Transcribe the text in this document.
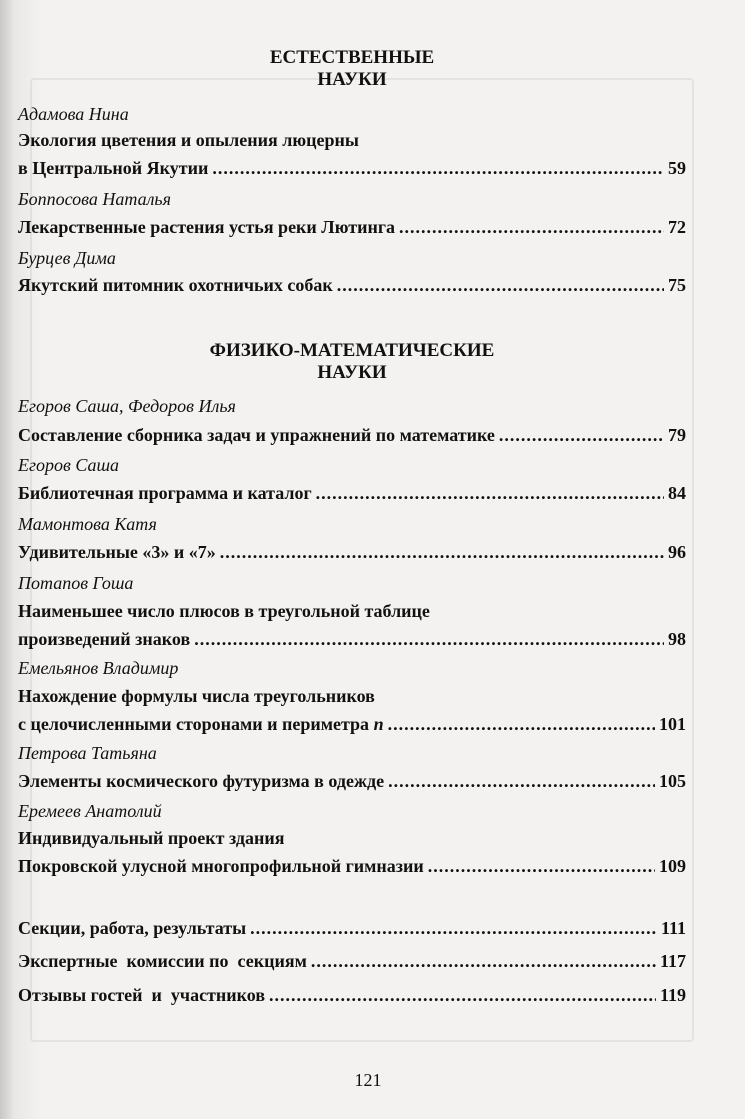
ЕСТЕСТВЕННЫЕ
НАУКИ
Адамова Нина
Экология цветения и опыления люцерны
в Центральной Якутии .....	59
Боппосова Наталья
Лекарственные растения устья реки Лютинга .....	72
Бурцев Дима
Якутский питомник охотничьих собак .....	75
ФИЗИКО-МАТЕМАТИЧЕСКИЕ
НАУКИ
Егоров Саша, Федоров Илья
Составление сборника задач и упражнений по математике .....	79
Егоров Саша
Библиотечная программа и каталог .....	84
Мамонтова Катя
Удивительные «3» и «7» .....	96
Потапов Гоша
Наименьшее число плюсов в треугольной таблице
произведений знаков .....	98
Емельянов Владимир
Нахождение формулы числа треугольников
с целочисленными сторонами и периметра n .....	101
Петрова Татьяна
Элементы космического футуризма в одежде .....	105
Еремеев Анатолий
Индивидуальный проект здания
Покровской улусной многопрофильной гимназии .....	109
Секции, работа, результаты .....	111
Экспертные  комиссии по  секциям .....	117
Отзывы гостей  и  участников .....	119
121
